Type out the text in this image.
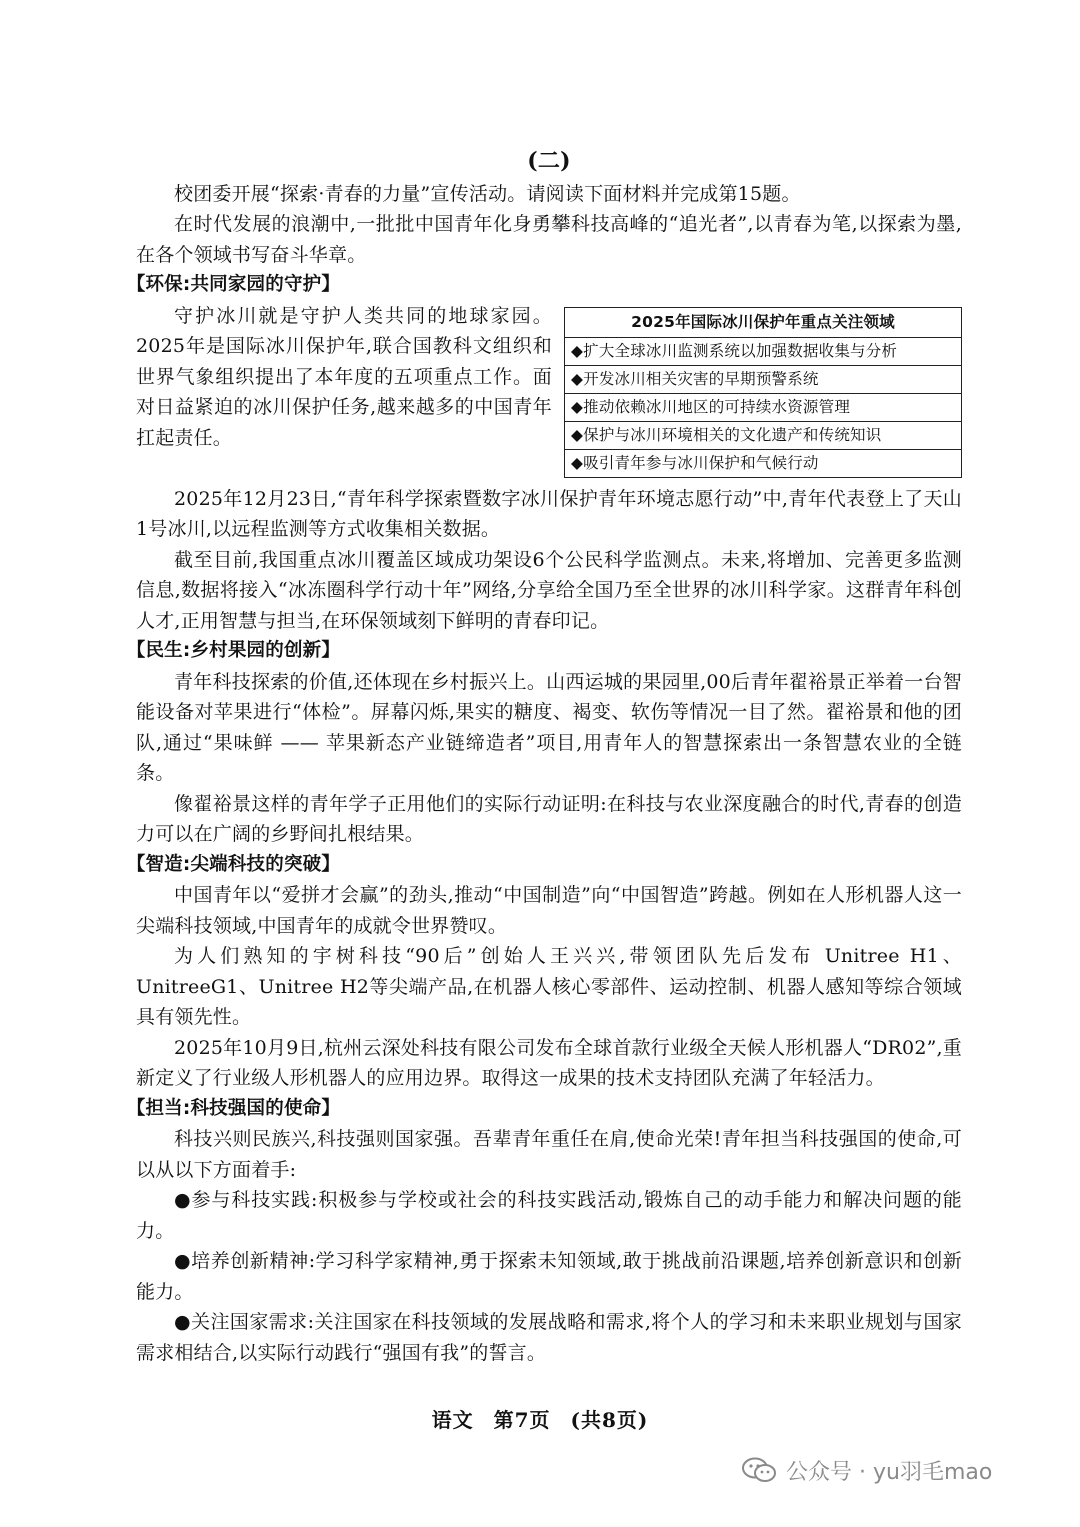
(二)

校团委开展“探索·青春的力量”宣传活动。请阅读下面材料并完成第15题。

在时代发展的浪潮中,一批批中国青年化身勇攀科技高峰的“追光者”,以青春为笔,以探索为墨,在各个领域书写奋斗华章。

【环保:共同家园的守护】
2025年国际冰川保护年重点关注领域
◆扩大全球冰川监测系统以加强数据收集与分析
◆开发冰川相关灾害的早期预警系统
◆推动依赖冰川地区的可持续水资源管理
◆保护与冰川环境相关的文化遗产和传统知识
◆吸引青年参与冰川保护和气候行动

守护冰川就是守护人类共同的地球家园。2025年是国际冰川保护年,联合国教科文组织和世界气象组织提出了本年度的五项重点工作。面对日益紧迫的冰川保护任务,越来越多的中国青年扛起责任。

2025年12月23日,“青年科学探索暨数字冰川保护青年环境志愿行动”中,青年代表登上了天山1号冰川,以远程监测等方式收集相关数据。

截至目前,我国重点冰川覆盖区域成功架设6个公民科学监测点。未来,将增加、完善更多监测信息,数据将接入“冰冻圈科学行动十年”网络,分享给全国乃至全世界的冰川科学家。这群青年科创人才,正用智慧与担当,在环保领域刻下鲜明的青春印记。

【民生:乡村果园的创新】

青年科技探索的价值,还体现在乡村振兴上。山西运城的果园里,00后青年翟裕景正举着一台智能设备对苹果进行“体检”。屏幕闪烁,果实的糖度、褐变、软伤等情况一目了然。翟裕景和他的团队,通过“果味鲜 —— 苹果新态产业链缔造者”项目,用青年人的智慧探索出一条智慧农业的全链条。

像翟裕景这样的青年学子正用他们的实际行动证明:在科技与农业深度融合的时代,青春的创造力可以在广阔的乡野间扎根结果。

【智造:尖端科技的突破】

中国青年以“爱拼才会赢”的劲头,推动“中国制造”向“中国智造”跨越。例如在人形机器人这一尖端科技领域,中国青年的成就令世界赞叹。

为人们熟知的宇树科技“90后”创始人王兴兴,带领团队先后发布 Unitree H1、UnitreeG1、Unitree H2等尖端产品,在机器人核心零部件、运动控制、机器人感知等综合领域具有领先性。

2025年10月9日,杭州云深处科技有限公司发布全球首款行业级全天候人形机器人“DR02”,重新定义了行业级人形机器人的应用边界。取得这一成果的技术支持团队充满了年轻活力。

【担当:科技强国的使命】

科技兴则民族兴,科技强则国家强。吾辈青年重任在肩,使命光荣!青年担当科技强国的使命,可以从以下方面着手:

●参与科技实践:积极参与学校或社会的科技实践活动,锻炼自己的动手能力和解决问题的能力。

●培养创新精神:学习科学家精神,勇于探索未知领域,敢于挑战前沿课题,培养创新意识和创新能力。

●关注国家需求:关注国家在科技领域的发展战略和需求,将个人的学习和未来职业规划与国家需求相结合,以实际行动践行“强国有我”的誓言。

语文 第7页 (共8页)
公众号 · yu羽毛mao
